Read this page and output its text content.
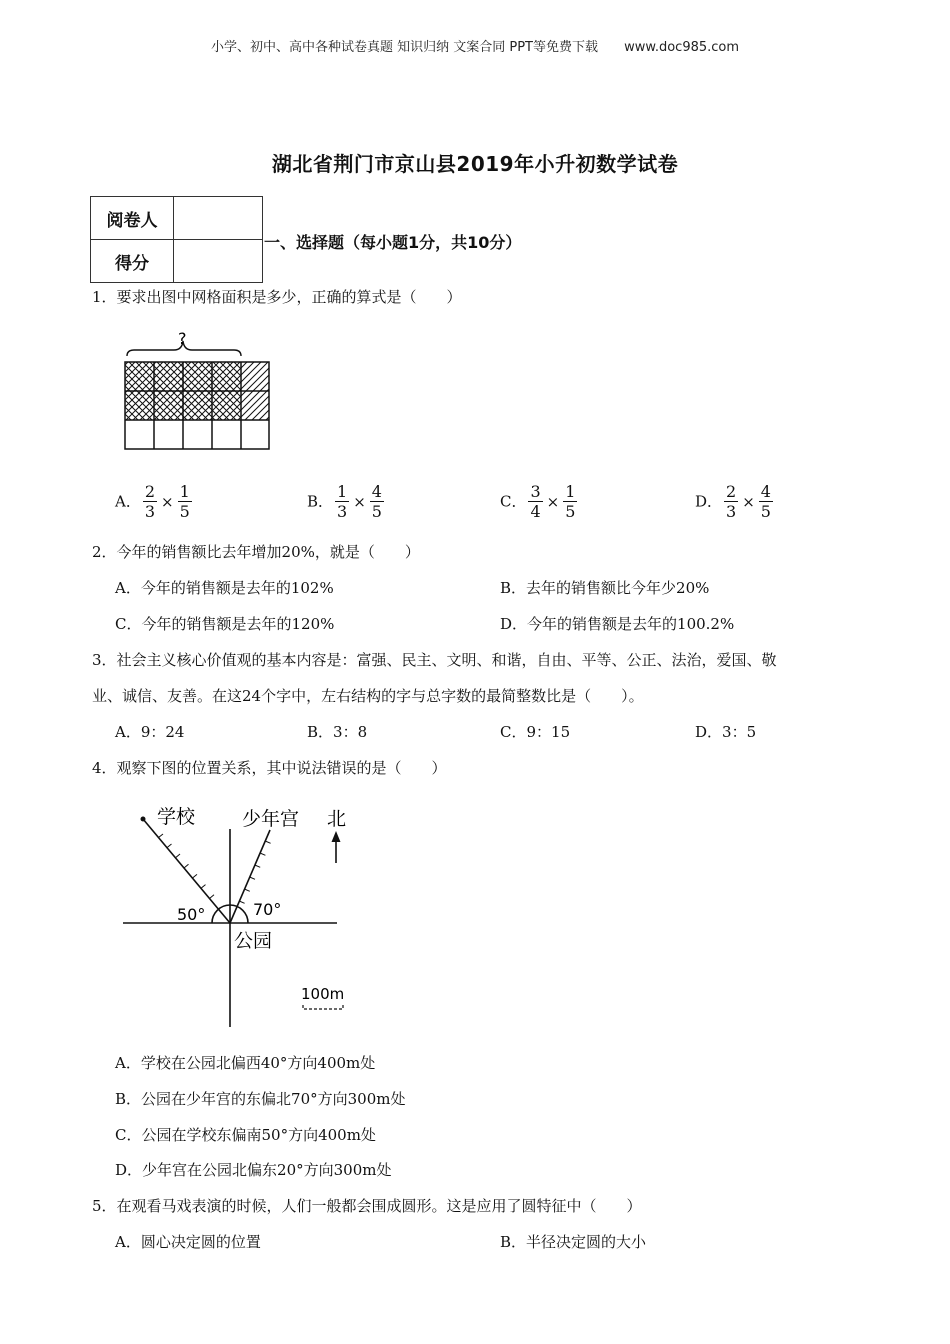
小学、初中、高中各种试卷真题 知识归纳 文案合同 PPT等免费下载 www.doc985.com
湖北省荆门市京山县2019年小升初数学试卷
阅卷人	
得分	
一、选择题（每小题1分，共10分）
1．要求出图中网格面积是多少，正确的算式是（　　）
?
A． $\frac{2}{3} \times \frac{1}{5}$	B． $\frac{1}{3} \times \frac{4}{5}$	C． $\frac{3}{4} \times \frac{1}{5}$	D． $\frac{2}{3} \times \frac{4}{5}$
2．今年的销售额比去年增加20%，就是（　　）
A．今年的销售额是去年的102%	B．去年的销售额比今年少20%
C．今年的销售额是去年的120%	D．今年的销售额是去年的100.2%
3．社会主义核心价值观的基本内容是：富强、民主、文明、和谐，自由、平等、公正、法治，爱国、敬
业、诚信、友善。在这24个字中，左右结构的字与总字数的最简整数比是（　　）。
A．9：24	B．3：8	C．9：15	D．3：5
4．观察下图的位置关系，其中说法错误的是（　　）
学校 少年宫 北
50°	70°
公园
100m
A．学校在公园北偏西40°方向400m处
B．公园在少年宫的东偏北70°方向300m处
C．公园在学校东偏南50°方向400m处
D．少年宫在公园北偏东20°方向300m处
5．在观看马戏表演的时候，人们一般都会围成圆形。这是应用了圆特征中（　　）
A．圆心决定圆的位置	B．半径决定圆的大小
